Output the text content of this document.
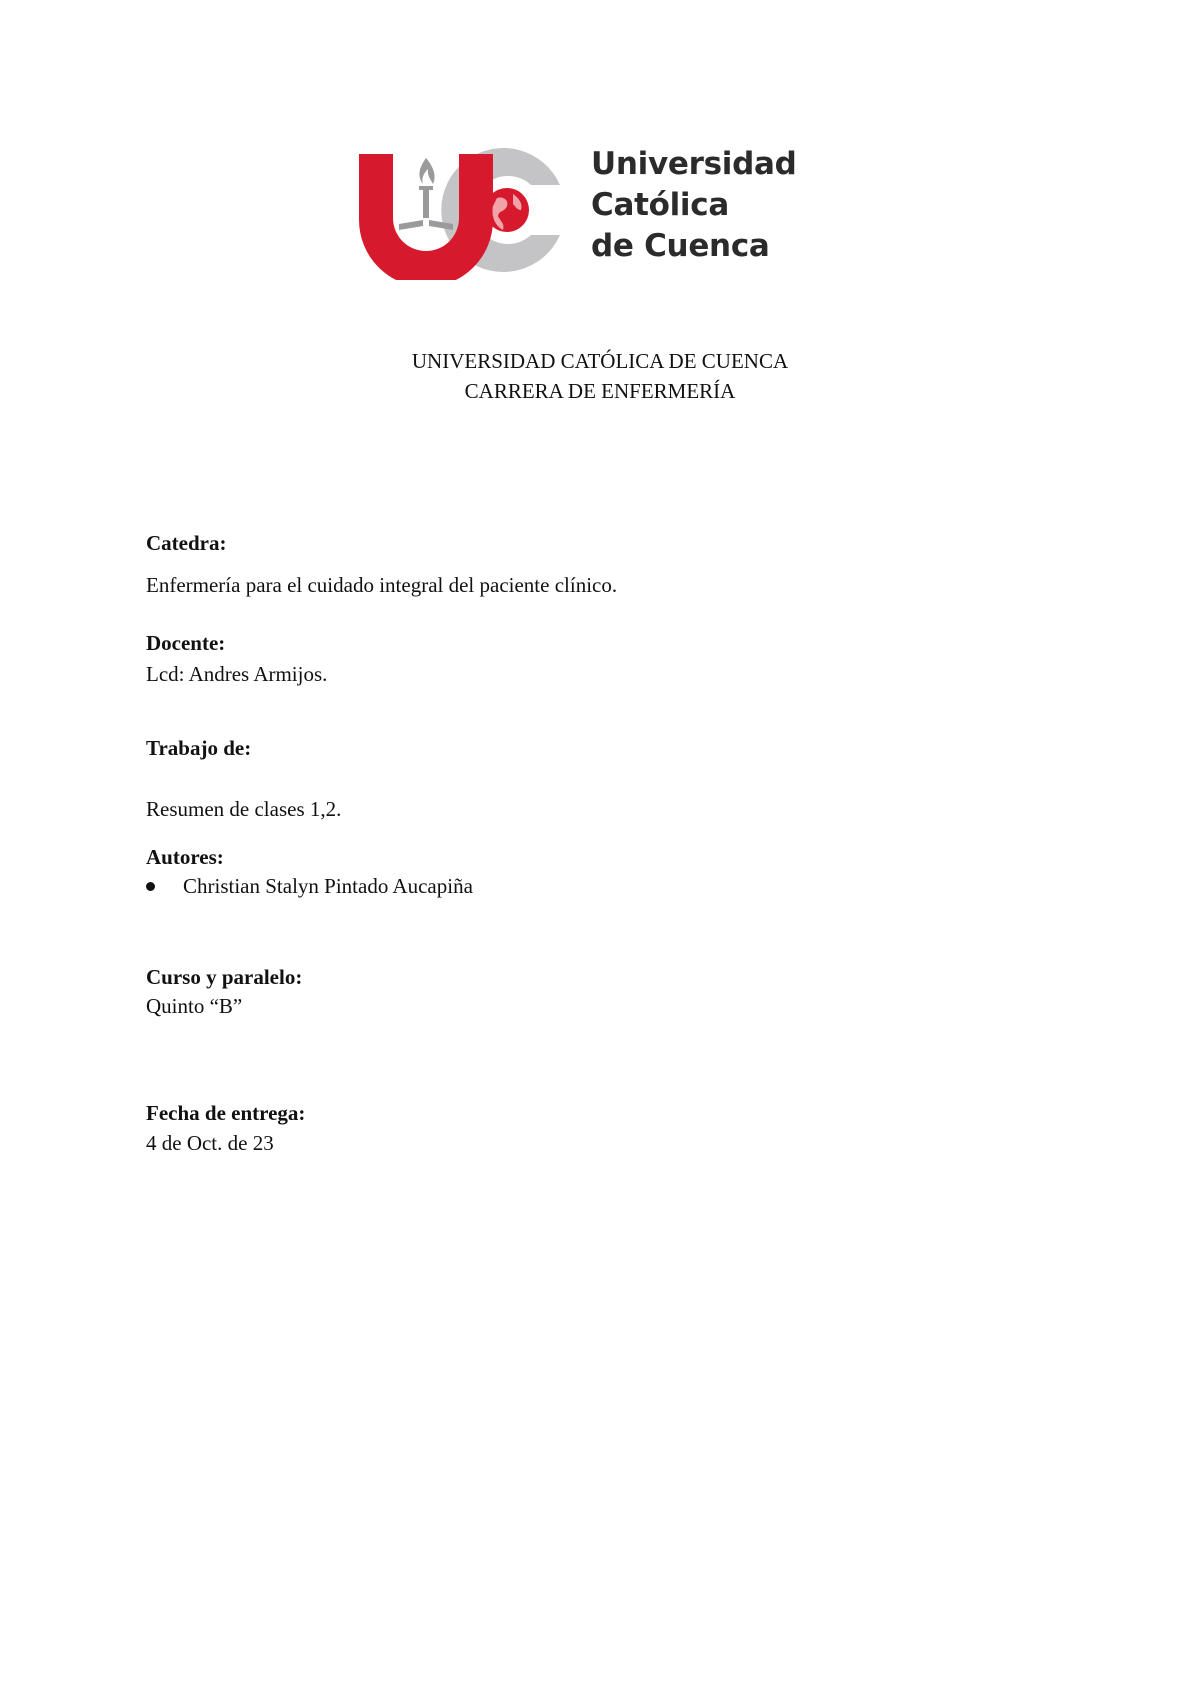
Universidad
Católica
de Cuenca
UNIVERSIDAD CATÓLICA DE CUENCA
CARRERA DE ENFERMERÍA
Catedra:
Enfermería para el cuidado integral del paciente clínico.
Docente:
Lcd: Andres Armijos.
Trabajo de:
Resumen de clases 1,2.
Autores:
Christian Stalyn Pintado Aucapiña
Curso y paralelo:
Quinto “B”
Fecha de entrega:
4 de Oct. de 23
